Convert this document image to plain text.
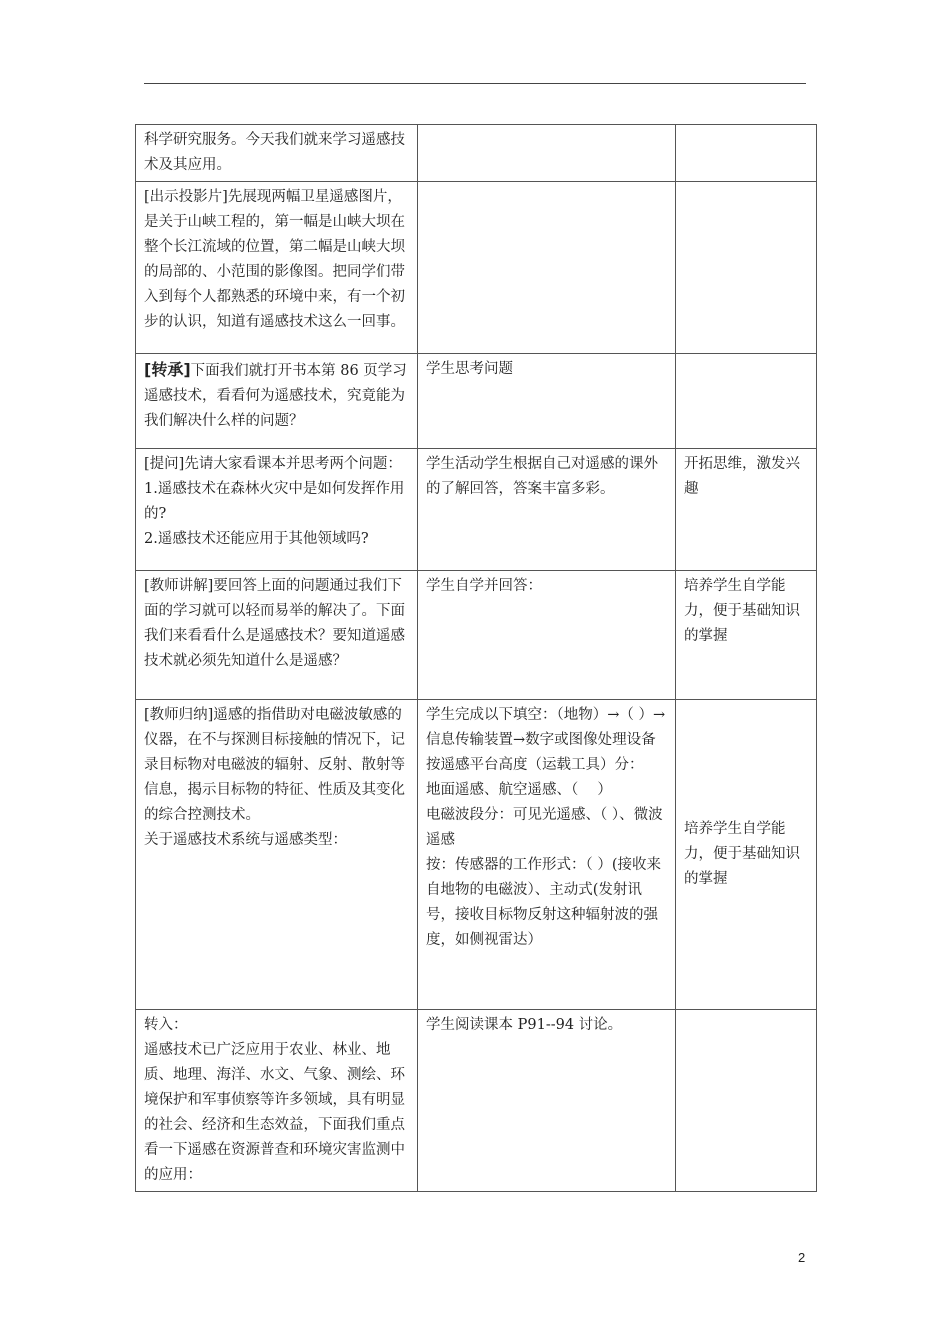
科学研究服务。今天我们就来学习遥感技术及其应用。		

[出示投影片]先展现两幅卫星遥感图片，是关于山峡工程的，第一幅是山峡大坝在整个长江流域的位置，第二幅是山峡大坝的局部的、小范围的影像图。把同学们带入到每个人都熟悉的环境中来，有一个初步的认识，知道有遥感技术这么一回事。		

[转承]下面我们就打开书本第 86 页学习遥感技术，看看何为遥感技术，究竟能为我们解决什么样的问题？	学生思考问题	

[提问]先请大家看课本并思考两个问题：
1.遥感技术在森林火灾中是如何发挥作用的?
2.遥感技术还能应用于其他领域吗?	学生活动学生根据自己对遥感的课外的了解回答，答案丰富多彩。	开拓思维，激发兴趣

[教师讲解]要回答上面的问题通过我们下面的学习就可以轻而易举的解决了。下面我们来看看什么是遥感技术？要知道遥感技术就必须先知道什么是遥感？	学生自学并回答：	培养学生自学能力，便于基础知识的掌握

[教师归纳]遥感的指借助对电磁波敏感的仪器，在不与探测目标接触的情况下，记录目标物对电磁波的辐射、反射、散射等信息，揭示目标物的特征、性质及其变化的综合控测技术。
关于遥感技术系统与遥感类型：	学生完成以下填空：（地物）→（ ）→信息传输装置→数字或图像处理设备
按遥感平台高度（运载工具）分：
地面遥感、航空遥感、（　 ）
电磁波段分：可见光遥感、（ ）、微波遥感
按：传感器的工作形式：（ ）(接收来自地物的电磁波）、主动式(发射讯号，接收目标物反射这种辐射波的强度，如侧视雷达）	培养学生自学能力，便于基础知识的掌握

转入：
遥感技术已广泛应用于农业、林业、地质、地理、海洋、水文、气象、测绘、环境保护和军事侦察等许多领域，具有明显的社会、经济和生态效益，下面我们重点看一下遥感在资源普查和环境灾害监测中的应用：	学生阅读课本 P91--94 讨论。	

2
